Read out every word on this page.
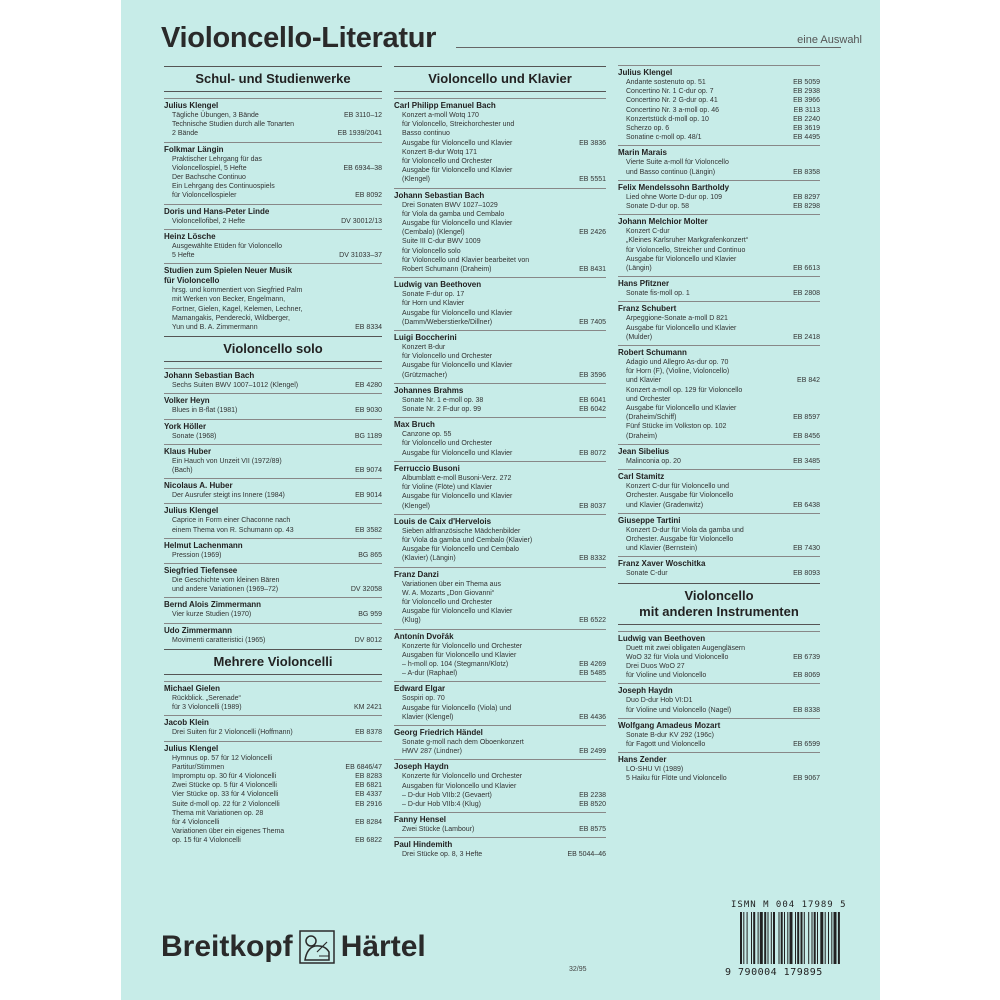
Violoncello-Literatur	eine Auswahl
Schul- und Studienwerke
Julius Klengel
Tägliche Übungen, 3 Bände	EB 3110–12
Technische Studien durch alle Tonarten
2 Bände	EB 1939/2041
Folkmar Längin
Praktischer Lehrgang für das
Violoncellospiel, 5 Hefte	EB 6934–38
Der Bachsche Continuo
Ein Lehrgang des Continuospiels
für Violoncellospieler	EB 8092
Doris und Hans-Peter Linde
Violoncellofibel, 2 Hefte	DV 30012/13
Heinz Lösche
Ausgewählte Etüden für Violoncello
5 Hefte	DV 31033–37
Studien zum Spielen Neuer Musik
für Violoncello
hrsg. und kommentiert von Siegfried Palm
mit Werken von Becker, Engelmann,
Fortner, Gielen, Kagel, Kelemen, Lechner,
Mamangakis, Penderecki, Wildberger,
Yun und B. A. Zimmermann	EB 8334
Violoncello solo
Johann Sebastian Bach
Sechs Suiten BWV 1007–1012 (Klengel)	EB 4280
Volker Heyn
Blues in B-flat (1981)	EB 9030
York Höller
Sonate (1968)	BG 1189
Klaus Huber
Ein Hauch von Unzeit VII (1972/89)
(Bach)	EB 9074
Nicolaus A. Huber
Der Ausrufer steigt ins Innere (1984)	EB 9014
Julius Klengel
Caprice in Form einer Chaconne nach
einem Thema von R. Schumann op. 43	EB 3582
Helmut Lachenmann
Pression (1969)	BG 865
Siegfried Tiefensee
Die Geschichte vom kleinen Bären
und andere Variationen (1969–72)	DV 32058
Bernd Alois Zimmermann
Vier kurze Studien (1970)	BG 959
Udo Zimmermann
Movimenti caratteristici (1965)	DV 8012
Mehrere Violoncelli
Michael Gielen
Rückblick. „Serenade“
für 3 Violoncelli (1989)	KM 2421
Jacob Klein
Drei Suiten für 2 Violoncelli (Hoffmann)	EB 8378
Julius Klengel
Hymnus op. 57 für 12 Violoncelli
Partitur/Stimmen	EB 6846/47
Impromptu op. 30 für 4 Violoncelli	EB 8283
Zwei Stücke op. 5 für 4 Violoncelli	EB 6821
Vier Stücke op. 33 für 4 Violoncelli	EB 4337
Suite d-moll op. 22 für 2 Violoncelli	EB 2916
Thema mit Variationen op. 28
für 4 Violoncelli	EB 8284
Variationen über ein eigenes Thema
op. 15 für 4 Violoncelli	EB 6822
Violoncello und Klavier
Carl Philipp Emanuel Bach
Konzert a-moll Wotq 170
für Violoncello, Streichorchester und
Basso continuo
Ausgabe für Violoncello und Klavier	EB 3836
Konzert B-dur Wotq 171
für Violoncello und Orchester
Ausgabe für Violoncello und Klavier
(Klengel)	EB 5551
Johann Sebastian Bach
Drei Sonaten BWV 1027–1029
für Viola da gamba und Cembalo
Ausgabe für Violoncello und Klavier
(Cembalo) (Klengel)	EB 2426
Suite III C-dur BWV 1009
für Violoncello solo
für Violoncello und Klavier bearbeitet von
Robert Schumann (Draheim)	EB 8431
Ludwig van Beethoven
Sonate F-dur op. 17
für Horn und Klavier
Ausgabe für Violoncello und Klavier
(Damm/Weberstierke/Dillner)	EB 7405
Luigi Boccherini
Konzert B-dur
für Violoncello und Orchester
Ausgabe für Violoncello und Klavier
(Grützmacher)	EB 3596
Johannes Brahms
Sonate Nr. 1 e-moll op. 38	EB 6041
Sonate Nr. 2 F-dur op. 99	EB 6042
Max Bruch
Canzone op. 55
für Violoncello und Orchester
Ausgabe für Violoncello und Klavier	EB 8072
Ferruccio Busoni
Albumblatt e-moll Busoni-Verz. 272
für Violine (Flöte) und Klavier
Ausgabe für Violoncello und Klavier
(Klengel)	EB 8037
Louis de Caix d'Hervelois
Sieben altfranzösische Mädchenbilder
für Viola da gamba und Cembalo (Klavier)
Ausgabe für Violoncello und Cembalo
(Klavier) (Längin)	EB 8332
Franz Danzi
Variationen über ein Thema aus
W. A. Mozarts „Don Giovanni“
für Violoncello und Orchester
Ausgabe für Violoncello und Klavier
(Klug)	EB 6522
Antonín Dvořák
Konzerte für Violoncello und Orchester
Ausgaben für Violoncello und Klavier
– h-moll op. 104 (Stegmann/Klotz)	EB 4269
– A-dur (Raphael)	EB 5485
Edward Elgar
Sospiri op. 70
Ausgabe für Violoncello (Viola) und
Klavier (Klengel)	EB 4436
Georg Friedrich Händel
Sonate g-moll nach dem Oboenkonzert
HWV 287 (Lindner)	EB 2499
Joseph Haydn
Konzerte für Violoncello und Orchester
Ausgaben für Violoncello und Klavier
– D-dur Hob VIIb:2 (Gevaert)	EB 2238
– D-dur Hob VIIb:4 (Klug)	EB 8520
Fanny Hensel
Zwei Stücke (Lambour)	EB 8575
Paul Hindemith
Drei Stücke op. 8, 3 Hefte	EB 5044–46
Julius Klengel
Andante sostenuto op. 51	EB 5059
Concertino Nr. 1 C-dur op. 7	EB 2938
Concertino Nr. 2 G-dur op. 41	EB 3966
Concertino Nr. 3 a-moll op. 46	EB 3113
Konzertstück d-moll op. 10	EB 2240
Scherzo op. 6	EB 3619
Sonatine c-moll op. 48/1	EB 4495
Marin Marais
Vierte Suite a-moll für Violoncello
und Basso continuo (Längin)	EB 8358
Felix Mendelssohn Bartholdy
Lied ohne Worte D-dur op. 109	EB 8297
Sonate D-dur op. 58	EB 8298
Johann Melchior Molter
Konzert C-dur
„Kleines Karlsruher Markgrafenkonzert“
für Violoncello, Streicher und Continuo
Ausgabe für Violoncello und Klavier
(Längin)	EB 6613
Hans Pfitzner
Sonate fis-moll op. 1	EB 2808
Franz Schubert
Arpeggione-Sonate a-moll D 821
Ausgabe für Violoncello und Klavier
(Mulder)	EB 2418
Robert Schumann
Adagio und Allegro As-dur op. 70
für Horn (F), (Violine, Violoncello)
und Klavier	EB 842
Konzert a-moll op. 129 für Violoncello
und Orchester
Ausgabe für Violoncello und Klavier
(Draheim/Schiff)	EB 8597
Fünf Stücke im Volkston op. 102
(Draheim)	EB 8456
Jean Sibelius
Malinconia op. 20	EB 3485
Carl Stamitz
Konzert C-dur für Violoncello und
Orchester. Ausgabe für Violoncello
und Klavier (Gradenwitz)	EB 6438
Giuseppe Tartini
Konzert D-dur für Viola da gamba und
Orchester. Ausgabe für Violoncello
und Klavier (Bernstein)	EB 7430
Franz Xaver Woschitka
Sonate C-dur	EB 8093
Violoncello
mit anderen Instrumenten
Ludwig van Beethoven
Duett mit zwei obligaten Augengläsern
WoO 32 für Viola und Violoncello	EB 6739
Drei Duos WoO 27
für Violine und Violoncello	EB 8069
Joseph Haydn
Duo D-dur Hob VI:D1
für Violine und Violoncello (Nagel)	EB 8338
Wolfgang Amadeus Mozart
Sonate B-dur KV 292 (196c)
für Fagott und Violoncello	EB 6599
Hans Zender
LO-SHU VI (1989)
5 Haiku für Flöte und Violoncello	EB 9067
Breitkopf Härtel
32/95
ISMN M 004 17989 5
9 790004 179895
